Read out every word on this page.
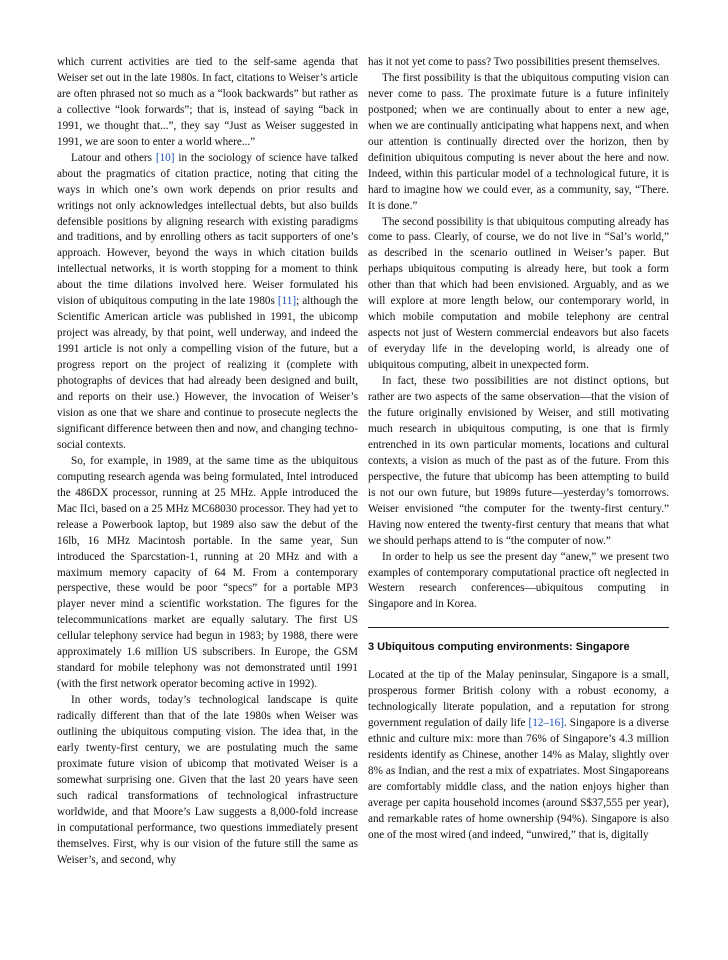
which current activities are tied to the self-same agenda that Weiser set out in the late 1980s. In fact, citations to Weiser’s article are often phrased not so much as a “look backwards” but rather as a collective “look forwards”; that is, instead of saying “back in 1991, we thought that...”, they say “Just as Weiser suggested in 1991, we are soon to enter a world where...”

Latour and others [10] in the sociology of science have talked about the pragmatics of citation practice, noting that citing the ways in which one’s own work depends on prior results and writings not only acknowledges intellectual debts, but also builds defensible positions by aligning research with existing paradigms and traditions, and by enrolling others as tacit supporters of one’s approach. However, beyond the ways in which citation builds intellectual networks, it is worth stopping for a moment to think about the time dilations involved here. Weiser formulated his vision of ubiquitous computing in the late 1980s [11]; although the Scientific American article was published in 1991, the ubicomp project was already, by that point, well underway, and indeed the 1991 article is not only a compelling vision of the future, but a progress report on the project of realizing it (complete with photographs of devices that had already been designed and built, and reports on their use.) However, the invocation of Weiser’s vision as one that we share and continue to prosecute neglects the significant difference between then and now, and changing techno-social contexts.

So, for example, in 1989, at the same time as the ubiquitous computing research agenda was being formulated, Intel introduced the 486DX processor, running at 25 MHz. Apple introduced the Mac IIci, based on a 25 MHz MC68030 processor. They had yet to release a Powerbook laptop, but 1989 also saw the debut of the 16lb, 16 MHz Macintosh portable. In the same year, Sun introduced the Sparcstation-1, running at 20 MHz and with a maximum memory capacity of 64 M. From a contemporary perspective, these would be poor “specs” for a portable MP3 player never mind a scientific workstation. The figures for the telecommunications market are equally salutary. The first US cellular telephony service had begun in 1983; by 1988, there were approximately 1.6 million US subscribers. In Europe, the GSM standard for mobile telephony was not demonstrated until 1991 (with the first network operator becoming active in 1992).

In other words, today’s technological landscape is quite radically different than that of the late 1980s when Weiser was outlining the ubiquitous computing vision. The idea that, in the early twenty-first century, we are postulating much the same proximate future vision of ubicomp that motivated Weiser is a somewhat surprising one. Given that the last 20 years have seen such radical transformations of technological infrastructure worldwide, and that Moore’s Law suggests a 8,000-fold increase in computational performance, two questions immediately present themselves. First, why is our vision of the future still the same as Weiser’s, and second, why

has it not yet come to pass? Two possibilities present themselves.

The first possibility is that the ubiquitous computing vision can never come to pass. The proximate future is a future infinitely postponed; when we are continually about to enter a new age, when we are continually anticipating what happens next, and when our attention is continually directed over the horizon, then by definition ubiquitous computing is never about the here and now. Indeed, within this particular model of a technological future, it is hard to imagine how we could ever, as a community, say, “There. It is done.”

The second possibility is that ubiquitous computing already has come to pass. Clearly, of course, we do not live in “Sal’s world,” as described in the scenario outlined in Weiser’s paper. But perhaps ubiquitous computing is already here, but took a form other than that which had been envisioned. Arguably, and as we will explore at more length below, our contemporary world, in which mobile computation and mobile telephony are central aspects not just of Western commercial endeavors but also facets of everyday life in the developing world, is already one of ubiquitous computing, albeit in unexpected form.

In fact, these two possibilities are not distinct options, but rather are two aspects of the same observation—that the vision of the future originally envisioned by Weiser, and still motivating much research in ubiquitous computing, is one that is firmly entrenched in its own particular moments, locations and cultural contexts, a vision as much of the past as of the future. From this perspective, the future that ubicomp has been attempting to build is not our own future, but 1989s future—yesterday’s tomorrows. Weiser envisioned “the computer for the twenty-first century.” Having now entered the twenty-first century that means that what we should perhaps attend to is “the computer of now.”

In order to help us see the present day “anew,” we present two examples of contemporary computational practice oft neglected in Western research conferences—ubiquitous computing in Singapore and in Korea.

3 Ubiquitous computing environments: Singapore

Located at the tip of the Malay peninsular, Singapore is a small, prosperous former British colony with a robust economy, a technologically literate population, and a reputation for strong government regulation of daily life [12–16]. Singapore is a diverse ethnic and culture mix: more than 76% of Singapore’s 4.3 million residents identify as Chinese, another 14% as Malay, slightly over 8% as Indian, and the rest a mix of expatriates. Most Singaporeans are comfortably middle class, and the nation enjoys higher than average per capita household incomes (around S$37,555 per year), and remarkable rates of home ownership (94%). Singapore is also one of the most wired (and indeed, “unwired,” that is, digitally
